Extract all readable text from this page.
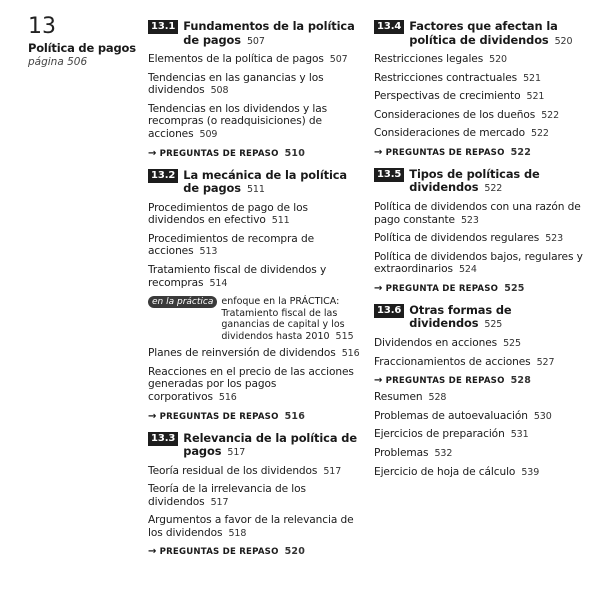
13
Política de pagos
página 506
13.1 Fundamentos de la política de pagos 507
Elementos de la política de pagos 507
Tendencias en las ganancias y los dividendos 508
Tendencias en los dividendos y las recompras (o readquisiciones) de acciones 509
→ PREGUNTAS DE REPASO 510
13.2 La mecánica de la política de pagos 511
Procedimientos de pago de los dividendos en efectivo 511
Procedimientos de recompra de acciones 513
Tratamiento fiscal de dividendos y recompras 514
en la práctica enfoque en la PRÁCTICA: Tratamiento fiscal de las ganancias de capital y los dividendos hasta 2010 515
Planes de reinversión de dividendos 516
Reacciones en el precio de las acciones generadas por los pagos corporativos 516
→ PREGUNTAS DE REPASO 516
13.3 Relevancia de la política de pagos 517
Teoría residual de los dividendos 517
Teoría de la irrelevancia de los dividendos 517
Argumentos a favor de la relevancia de los dividendos 518
→ PREGUNTAS DE REPASO 520
13.4 Factores que afectan la política de dividendos 520
Restricciones legales 520
Restricciones contractuales 521
Perspectivas de crecimiento 521
Consideraciones de los dueños 522
Consideraciones de mercado 522
→ PREGUNTAS DE REPASO 522
13.5 Tipos de políticas de dividendos 522
Política de dividendos con una razón de pago constante 523
Política de dividendos regulares 523
Política de dividendos bajos, regulares y extraordinarios 524
→ PREGUNTA DE REPASO 525
13.6 Otras formas de dividendos 525
Dividendos en acciones 525
Fraccionamientos de acciones 527
→ PREGUNTAS DE REPASO 528
Resumen 528
Problemas de autoevaluación 530
Ejercicios de preparación 531
Problemas 532
Ejercicio de hoja de cálculo 539
